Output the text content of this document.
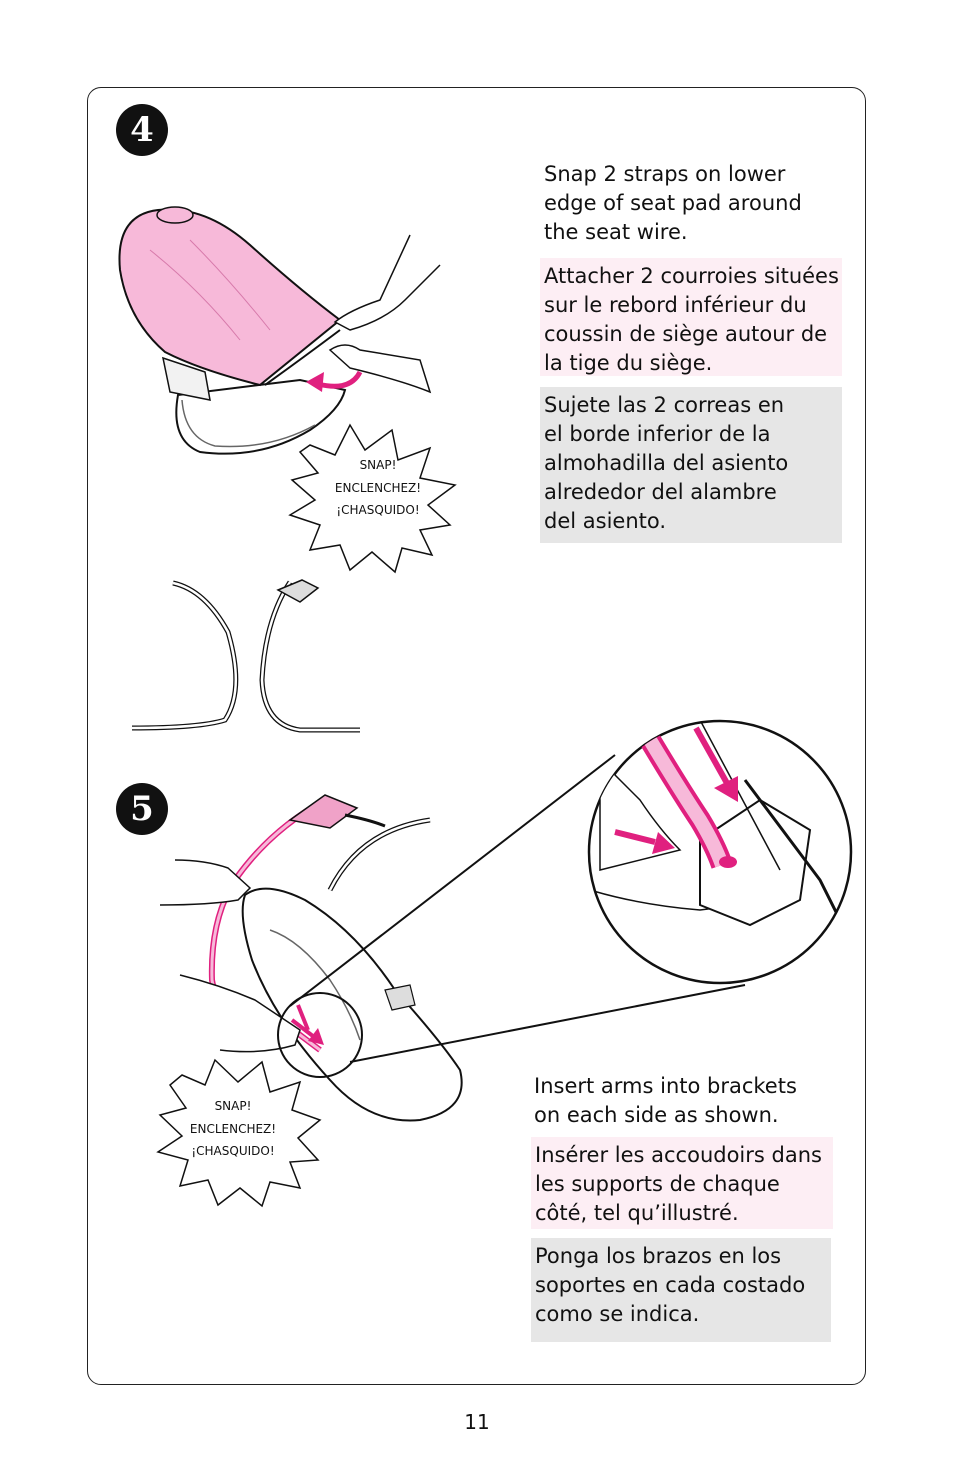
4
Snap 2 straps on lower edge of seat pad around the seat wire.
Attacher 2 courroies situées sur le rebord inférieur du coussin de siège autour de la tige du siège.
Sujete las 2 correas en el borde inferior de la almohadilla del asiento alrededor del alambre del asiento.
5
Insert arms into brackets on each side as shown.
Insérer les accoudoirs dans les supports de chaque côté, tel qu’illustré.
Ponga los brazos en los soportes en cada costado como se indica.
SNAP!
ENCLENCHEZ!
¡CHASQUIDO!
SNAP!
ENCLENCHEZ!
¡CHASQUIDO!
11
